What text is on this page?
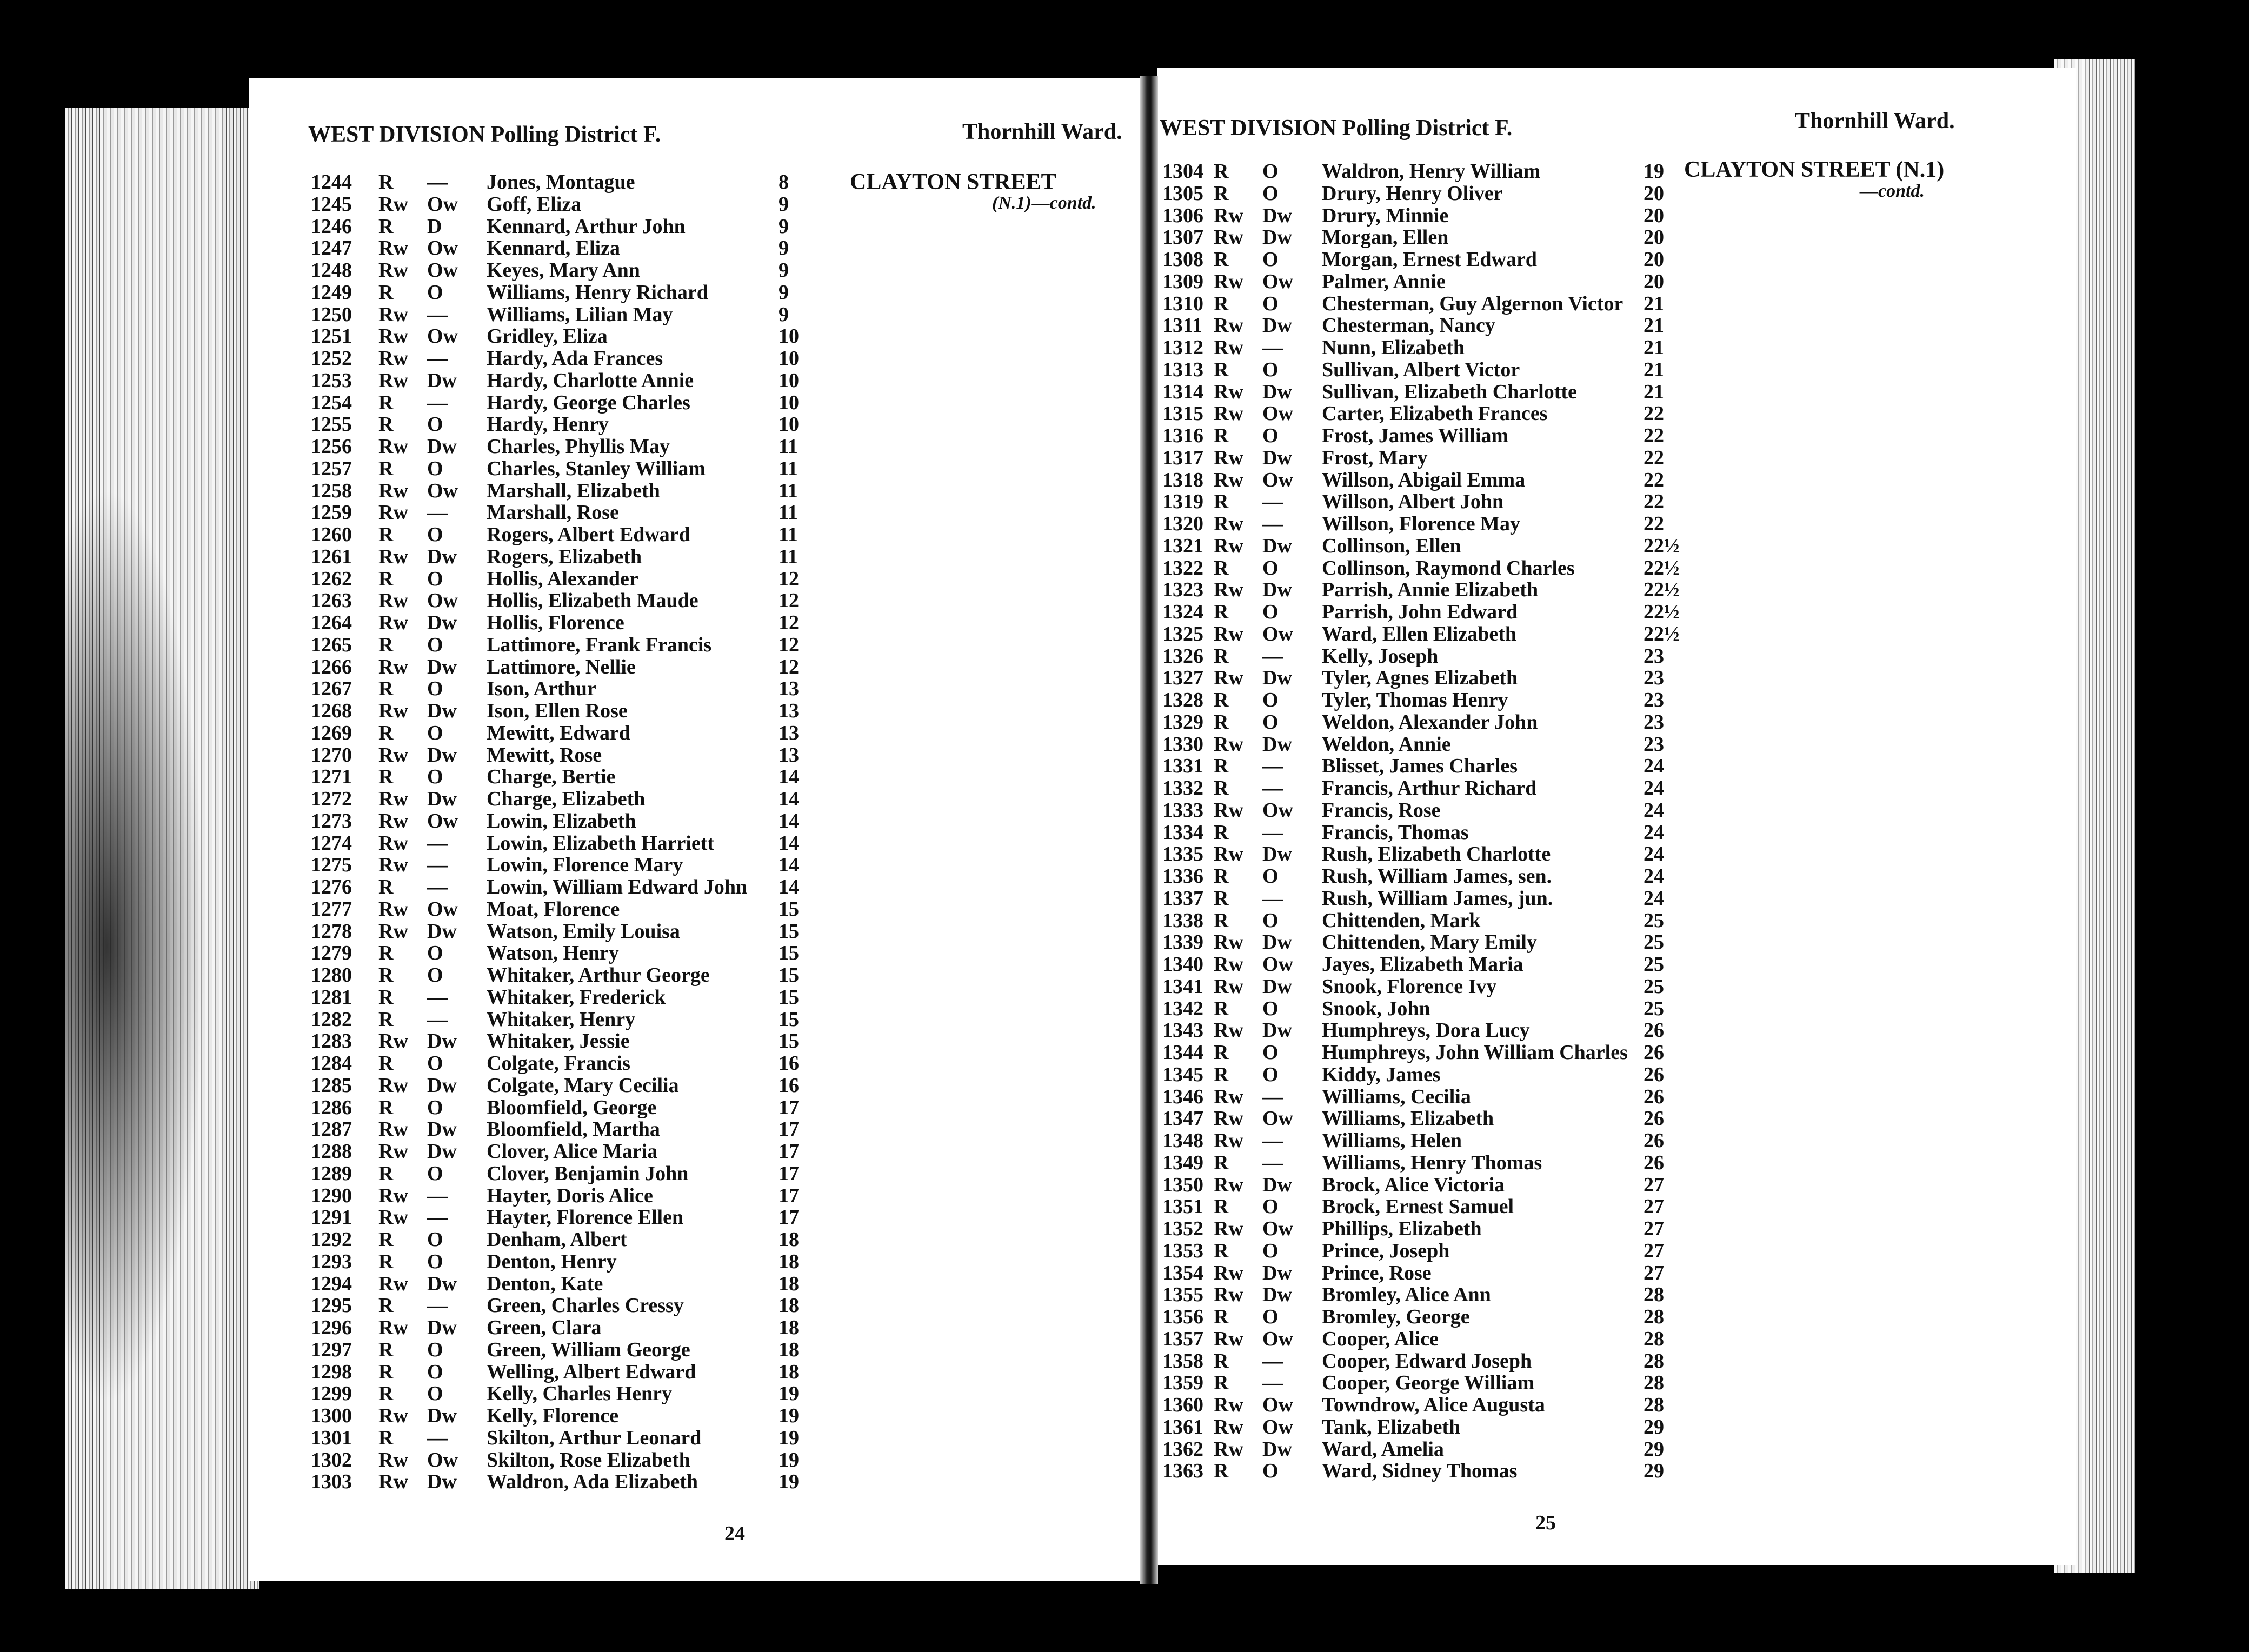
WEST DIVISION Polling District F.	Thornhill Ward.
CLAYTON STREET
(N.1)—contd.
1244 R — Jones, Montague	8
1245 Rw Ow Goff, Eliza	9
1246 R D Kennard, Arthur John	9
1247 Rw Ow Kennard, Eliza	9
1248 Rw Ow Keyes, Mary Ann	9
1249 R O Williams, Henry Richard	9
1250 Rw — Williams, Lilian May	9
1251 Rw Ow Gridley, Eliza	10
1252 Rw — Hardy, Ada Frances	10
1253 Rw Dw Hardy, Charlotte Annie	10
1254 R — Hardy, George Charles	10
1255 R O Hardy, Henry	10
1256 Rw Dw Charles, Phyllis May	11
1257 R O Charles, Stanley William	11
1258 Rw Ow Marshall, Elizabeth	11
1259 Rw — Marshall, Rose	11
1260 R O Rogers, Albert Edward	11
1261 Rw Dw Rogers, Elizabeth	11
1262 R O Hollis, Alexander	12
1263 Rw Ow Hollis, Elizabeth Maude	12
1264 Rw Dw Hollis, Florence	12
1265 R O Lattimore, Frank Francis	12
1266 Rw Dw Lattimore, Nellie	12
1267 R O Ison, Arthur	13
1268 Rw Dw Ison, Ellen Rose	13
1269 R O Mewitt, Edward	13
1270 Rw Dw Mewitt, Rose	13
1271 R O Charge, Bertie	14
1272 Rw Dw Charge, Elizabeth	14
1273 Rw Ow Lowin, Elizabeth	14
1274 Rw — Lowin, Elizabeth Harriett	14
1275 Rw — Lowin, Florence Mary	14
1276 R — Lowin, William Edward John 14
1277 Rw Ow Moat, Florence	15
1278 Rw Dw Watson, Emily Louisa	15
1279 R O Watson, Henry	15
1280 R O Whitaker, Arthur George	15
1281 R — Whitaker, Frederick	15
1282 R — Whitaker, Henry	15
1283 Rw Dw Whitaker, Jessie	15
1284 R O Colgate, Francis	16
1285 Rw Dw Colgate, Mary Cecilia	16
1286 R O Bloomfield, George	17
1287 Rw Dw Bloomfield, Martha	17
1288 Rw Dw Clover, Alice Maria	17
1289 R O Clover, Benjamin John	17
1290 Rw — Hayter, Doris Alice	17
1291 Rw — Hayter, Florence Ellen	17
1292 R O Denham, Albert	18
1293 R O Denton, Henry	18
1294 Rw Dw Denton, Kate	18
1295 R — Green, Charles Cressy	18
1296 Rw Dw Green, Clara	18
1297 R O Green, William George	18
1298 R O Welling, Albert Edward	18
1299 R O Kelly, Charles Henry	19
1300 Rw Dw Kelly, Florence	19
1301 R — Skilton, Arthur Leonard	19
1302 Rw Ow Skilton, Rose Elizabeth	19
1303 Rw Dw Waldron, Ada Elizabeth	19
24
WEST DIVISION Polling District F.	Thornhill Ward.
CLAYTON STREET (N.1)
—contd.
1304 R O Waldron, Henry William	19
1305 R O Drury, Henry Oliver	20
1306 Rw Dw Drury, Minnie	20
1307 Rw Dw Morgan, Ellen	20
1308 R O Morgan, Ernest Edward	20
1309 Rw Ow Palmer, Annie	20
1310 R O Chesterman, Guy Algernon Victor 21
1311 Rw Dw Chesterman, Nancy	21
1312 Rw — Nunn, Elizabeth	21
1313 R O Sullivan, Albert Victor	21
1314 Rw Dw Sullivan, Elizabeth Charlotte	21
1315 Rw Ow Carter, Elizabeth Frances	22
1316 R O Frost, James William	22
1317 Rw Dw Frost, Mary	22
1318 Rw Ow Willson, Abigail Emma	22
1319 R — Willson, Albert John	22
1320 Rw — Willson, Florence May	22
1321 Rw Dw Collinson, Ellen	22½
1322 R O Collinson, Raymond Charles	22½
1323 Rw Dw Parrish, Annie Elizabeth	22½
1324 R O Parrish, John Edward	22½
1325 Rw Ow Ward, Ellen Elizabeth	22½
1326 R — Kelly, Joseph	23
1327 Rw Dw Tyler, Agnes Elizabeth	23
1328 R O Tyler, Thomas Henry	23
1329 R O Weldon, Alexander John	23
1330 Rw Dw Weldon, Annie	23
1331 R — Blisset, James Charles	24
1332 R — Francis, Arthur Richard	24
1333 Rw Ow Francis, Rose	24
1334 R — Francis, Thomas	24
1335 Rw Dw Rush, Elizabeth Charlotte	24
1336 R O Rush, William James, sen.	24
1337 R — Rush, William James, jun.	24
1338 R O Chittenden, Mark	25
1339 Rw Dw Chittenden, Mary Emily	25
1340 Rw Ow Jayes, Elizabeth Maria	25
1341 Rw Dw Snook, Florence Ivy	25
1342 R O Snook, John	25
1343 Rw Dw Humphreys, Dora Lucy	26
1344 R O Humphreys, John William Charles 26
1345 R O Kiddy, James	26
1346 Rw — Williams, Cecilia	26
1347 Rw Ow Williams, Elizabeth	26
1348 Rw — Williams, Helen	26
1349 R — Williams, Henry Thomas	26
1350 Rw Dw Brock, Alice Victoria	27
1351 R O Brock, Ernest Samuel	27
1352 Rw Ow Phillips, Elizabeth	27
1353 R O Prince, Joseph	27
1354 Rw Dw Prince, Rose	27
1355 Rw Dw Bromley, Alice Ann	28
1356 R O Bromley, George	28
1357 Rw Ow Cooper, Alice	28
1358 R — Cooper, Edward Joseph	28
1359 R — Cooper, George William	28
1360 Rw Ow Towndrow, Alice Augusta	28
1361 Rw Ow Tank, Elizabeth	29
1362 Rw Dw Ward, Amelia	29
1363 R O Ward, Sidney Thomas	29
25
